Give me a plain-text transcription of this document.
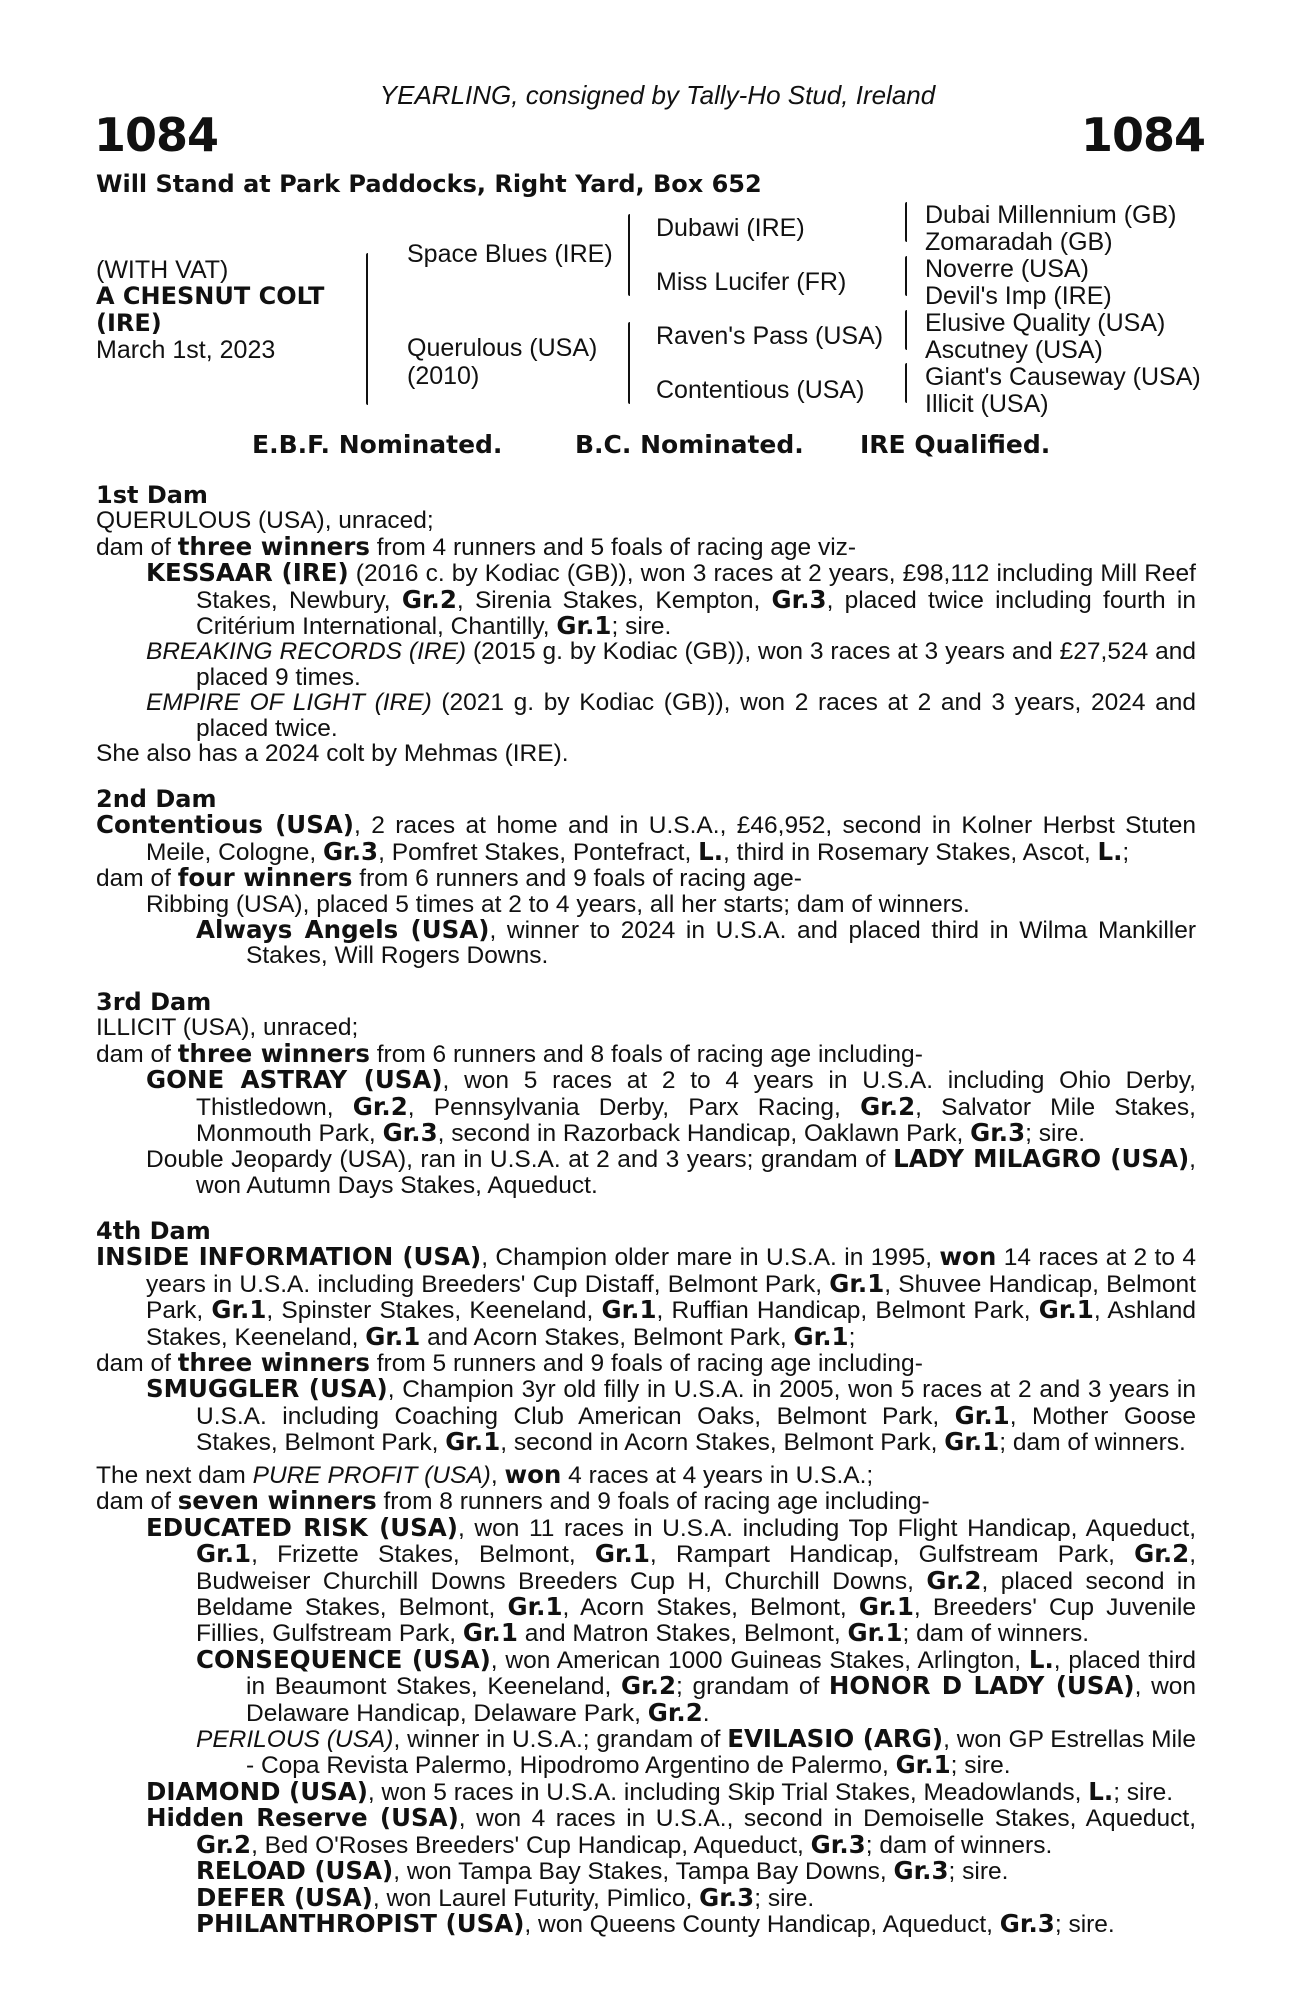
YEARLING, consigned by Tally-Ho Stud, Ireland
1084	1084
Will Stand at Park Paddocks, Right Yard, Box 652
(WITH VAT)
A CHESNUT COLT
(IRE)
March 1st, 2023
Space Blues (IRE)
Querulous (USA)
(2010)
Dubawi (IRE)
Miss Lucifer (FR)
Raven's Pass (USA)
Contentious (USA)
Dubai Millennium (GB)
Zomaradah (GB)
Noverre (USA)
Devil's Imp (IRE)
Elusive Quality (USA)
Ascutney (USA)
Giant's Causeway (USA)
Illicit (USA)
E.B.F. Nominated.	B.C. Nominated. IRE Qualified.

1st Dam

QUERULOUS (USA), unraced;

dam of three winners from 4 runners and 5 foals of racing age viz-

KESSAAR (IRE) (2016 c. by Kodiac (GB)), won 3 races at 2 years, £98,112 including Mill Reef Stakes, Newbury, Gr.2, Sirenia Stakes, Kempton, Gr.3, placed twice including fourth in Critérium International, Chantilly, Gr.1; sire.

BREAKING RECORDS (IRE) (2015 g. by Kodiac (GB)), won 3 races at 3 years and £27,524 and placed 9 times.

EMPIRE OF LIGHT (IRE) (2021 g. by Kodiac (GB)), won 2 races at 2 and 3 years, 2024 and placed twice.

She also has a 2024 colt by Mehmas (IRE).

2nd Dam

Contentious (USA), 2 races at home and in U.S.A., £46,952, second in Kolner Herbst Stuten Meile, Cologne, Gr.3, Pomfret Stakes, Pontefract, L., third in Rosemary Stakes, Ascot, L.;

dam of four winners from 6 runners and 9 foals of racing age-

Ribbing (USA), placed 5 times at 2 to 4 years, all her starts; dam of winners.

Always Angels (USA), winner to 2024 in U.S.A. and placed third in Wilma Mankiller Stakes, Will Rogers Downs.

3rd Dam

ILLICIT (USA), unraced;

dam of three winners from 6 runners and 8 foals of racing age including-

GONE ASTRAY (USA), won 5 races at 2 to 4 years in U.S.A. including Ohio Derby, Thistledown, Gr.2, Pennsylvania Derby, Parx Racing, Gr.2, Salvator Mile Stakes, Monmouth Park, Gr.3, second in Razorback Handicap, Oaklawn Park, Gr.3; sire.

Double Jeopardy (USA), ran in U.S.A. at 2 and 3 years; grandam of LADY MILAGRO (USA), won Autumn Days Stakes, Aqueduct.

4th Dam

INSIDE INFORMATION (USA), Champion older mare in U.S.A. in 1995, won 14 races at 2 to 4 years in U.S.A. including Breeders' Cup Distaff, Belmont Park, Gr.1, Shuvee Handicap, Belmont Park, Gr.1, Spinster Stakes, Keeneland, Gr.1, Ruffian Handicap, Belmont Park, Gr.1, Ashland Stakes, Keeneland, Gr.1 and Acorn Stakes, Belmont Park, Gr.1;

dam of three winners from 5 runners and 9 foals of racing age including-

SMUGGLER (USA), Champion 3yr old filly in U.S.A. in 2005, won 5 races at 2 and 3 years in U.S.A. including Coaching Club American Oaks, Belmont Park, Gr.1, Mother Goose Stakes, Belmont Park, Gr.1, second in Acorn Stakes, Belmont Park, Gr.1; dam of winners.

The next dam PURE PROFIT (USA), won 4 races at 4 years in U.S.A.;

dam of seven winners from 8 runners and 9 foals of racing age including-

EDUCATED RISK (USA), won 11 races in U.S.A. including Top Flight Handicap, Aqueduct, Gr.1, Frizette Stakes, Belmont, Gr.1, Rampart Handicap, Gulfstream Park, Gr.2, Budweiser Churchill Downs Breeders Cup H, Churchill Downs, Gr.2, placed second in Beldame Stakes, Belmont, Gr.1, Acorn Stakes, Belmont, Gr.1, Breeders' Cup Juvenile Fillies, Gulfstream Park, Gr.1 and Matron Stakes, Belmont, Gr.1; dam of winners.

CONSEQUENCE (USA), won American 1000 Guineas Stakes, Arlington, L., placed third in Beaumont Stakes, Keeneland, Gr.2; grandam of HONOR D LADY (USA), won Delaware Handicap, Delaware Park, Gr.2.

PERILOUS (USA), winner in U.S.A.; grandam of EVILASIO (ARG), won GP Estrellas Mile - Copa Revista Palermo, Hipodromo Argentino de Palermo, Gr.1; sire.

DIAMOND (USA), won 5 races in U.S.A. including Skip Trial Stakes, Meadowlands, L.; sire.

Hidden Reserve (USA), won 4 races in U.S.A., second in Demoiselle Stakes, Aqueduct, Gr.2, Bed O'Roses Breeders' Cup Handicap, Aqueduct, Gr.3; dam of winners.

RELOAD (USA), won Tampa Bay Stakes, Tampa Bay Downs, Gr.3; sire.

DEFER (USA), won Laurel Futurity, Pimlico, Gr.3; sire.

PHILANTHROPIST (USA), won Queens County Handicap, Aqueduct, Gr.3; sire.
